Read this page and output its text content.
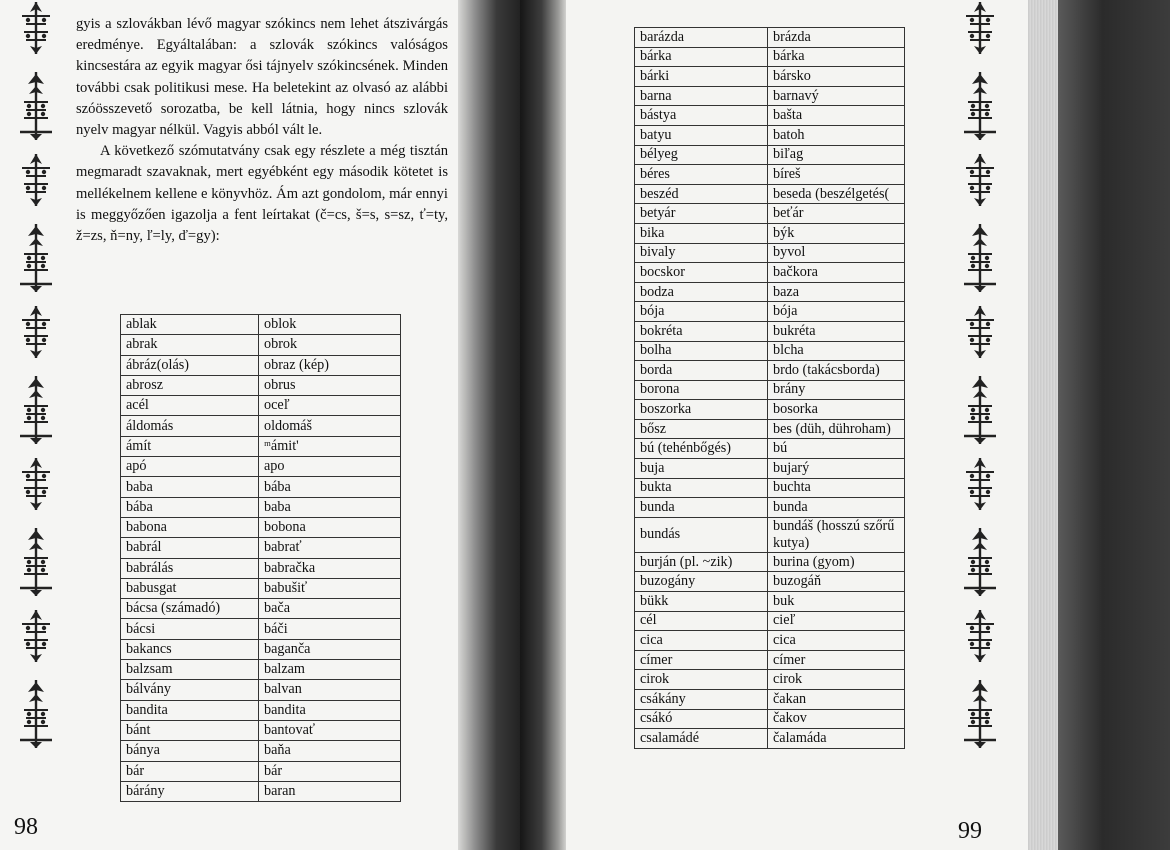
gyis a szlovákban lévő magyar szókincs nem lehet átszivárgás eredménye. Egyáltalában: a szlovák szókincs valóságos kincsestára az egyik magyar ősi tájnyelv szókincsének. Minden további csak politikusi mese. Ha beletekint az olvasó az alábbi szóösszevető sorozatba, be kell látnia, hogy nincs szlovák nyelv magyar nélkül. Vagyis abból vált le.

A következő szómutatvány csak egy részlete a még tisztán megmaradt szavaknak, mert egyébként egy második kötetet is mellékelnem kellene e könyvhöz. Ám azt gondolom, már ennyi is meggyőzően igazolja a fent leírtakat (č=cs, š=s, s=sz, ť=ty, ž=zs, ň=ny, ľ=ly, ď=gy):

ablak	oblok
abrak	obrok
ábráz(olás)	obraz (kép)
abrosz	obrus
acél	oceľ
áldomás	oldomáš
ámít	ᵐámit'
apó	apo
baba	bába
bába	baba
babona	bobona
babrál	babrať
babrálás	babračka
babusgat	babušiť
bácsa (számadó)	bača
bácsi	báči
bakancs	bagančа
balzsam	balzam
bálvány	balvan
bandita	bandita
bánt	bantovať
bánya	baňa
bár	bár
bárány	baran
barázda	brázda
bárka	bárka
bárki	bársko
barna	barnavý
bástya	bašta
batyu	batoh
bélyeg	biľag
béres	bíreš
beszéd	beseda (beszélgetés(
betyár	beťár
bika	býk
bivaly	byvol
bocskor	bačkora
bodza	baza
bója	bója
bokréta	bukréta
bolha	blcha
borda	brdo (takácsborda)
borona	brány
boszorka	bosorka
bősz	bes (düh, dühroham)
bú (tehénbőgés)	bú
buja	bujarý
bukta	buchta
bunda	bunda
bundás	bundáš (hosszú szőrű kutya)
burján (pl. ~zik)	burina (gyom)
buzogány	buzogáň
bükk	buk
cél	cieľ
cica	cica
címer	címer
cirok	cirok
csákány	čakan
csákó	čakov
csalamádé	čalamáda
98	99
